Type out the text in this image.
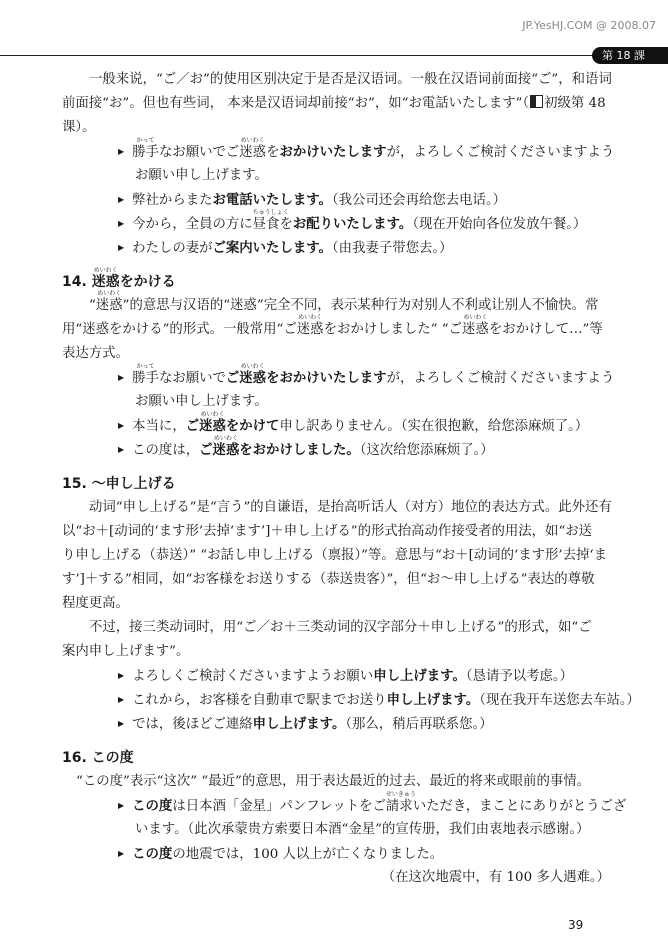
JP.YesHJ.COM @ 2008.07
第 18 課
一般来说，“ご／お”的使用区别决定于是否是汉语词。一般在汉语词前面接“ご”，和语词
前面接“お”。但也有些词， 本来是汉语词却前接“お”，如“お電話いたします”（ 初级第 48
课）。
▶ 勝手
かって
なお願いでご迷惑
めいわく
をおかけいたしますが，よろしくご検討くださいますよう
お願い申し上げます。
▶ 弊社からまたお電話いたします。（我公司还会再给您去电话。）
▶ 今から，全員の方に昼食
ちゅうしょく
をお配りいたします。（现在开始向各位发放午餐。）
▶ わたしの妻がご案内いたします。（由我妻子带您去。）
14. 迷惑
めいわく
をかける
“迷惑
めいわく
”的意思与汉语的“迷惑”完全不同，表示某种行为对别人不利或让别人不愉快。常
用“迷惑をかける”的形式。一般常用“ご迷惑
めいわく
をおかけしました” “ご迷惑
めいわく
をおかけして…”等
表达方式。
▶ 勝手
かって
なお願いでご迷惑
めいわく
をおかけいたしますが，よろしくご検討くださいますよう
お願い申し上げます。
▶ 本当に，ご迷惑
めいわく
をかけて申し訳ありません。（实在很抱歉，给您添麻烦了。）
▶ この度は，ご迷惑
めいわく
をおかけしました。（这次给您添麻烦了。）
15. ～申し上げる
动词“申し上げる”是“言う”的自谦语，是抬高听话人（对方）地位的表达方式。此外还有
以“お＋[动词的‘ます形’去掉‘ます’]＋申し上げる”的形式抬高动作接受者的用法，如“お送
り申し上げる（恭送）” “お話し申し上げる（禀报）”等。意思与“お＋[动词的‘ます形’去掉‘ま
す’]＋する”相同，如“お客様をお送りする（恭送贵客）”，但“お～申し上げる”表达的尊敬
程度更高。
不过，接三类动词时，用“ご／お＋三类动词的汉字部分＋申し上げる”的形式，如“ご
案内申し上げます”。
▶ よろしくご検討くださいますようお願い申し上げます。（恳请予以考虑。）
▶ これから，お客様を自動車で駅までお送り申し上げます。（现在我开车送您去车站。）
▶ では，後ほどご連絡申し上げます。（那么，稍后再联系您。）
16. この度
“この度”表示“这次” “最近”的意思，用于表达最近的过去、最近的将来或眼前的事情。
▶ この度は日本酒「金星」パンフレットをご請求
せいきゅう
いただき，まことにありがとうござ
います。（此次承蒙贵方索要日本酒“金星”的宣传册，我们由衷地表示感谢。）
▶ この度の地震では，100 人以上が亡くなりました。
（在这次地震中，有 100 多人遇难。）
39
